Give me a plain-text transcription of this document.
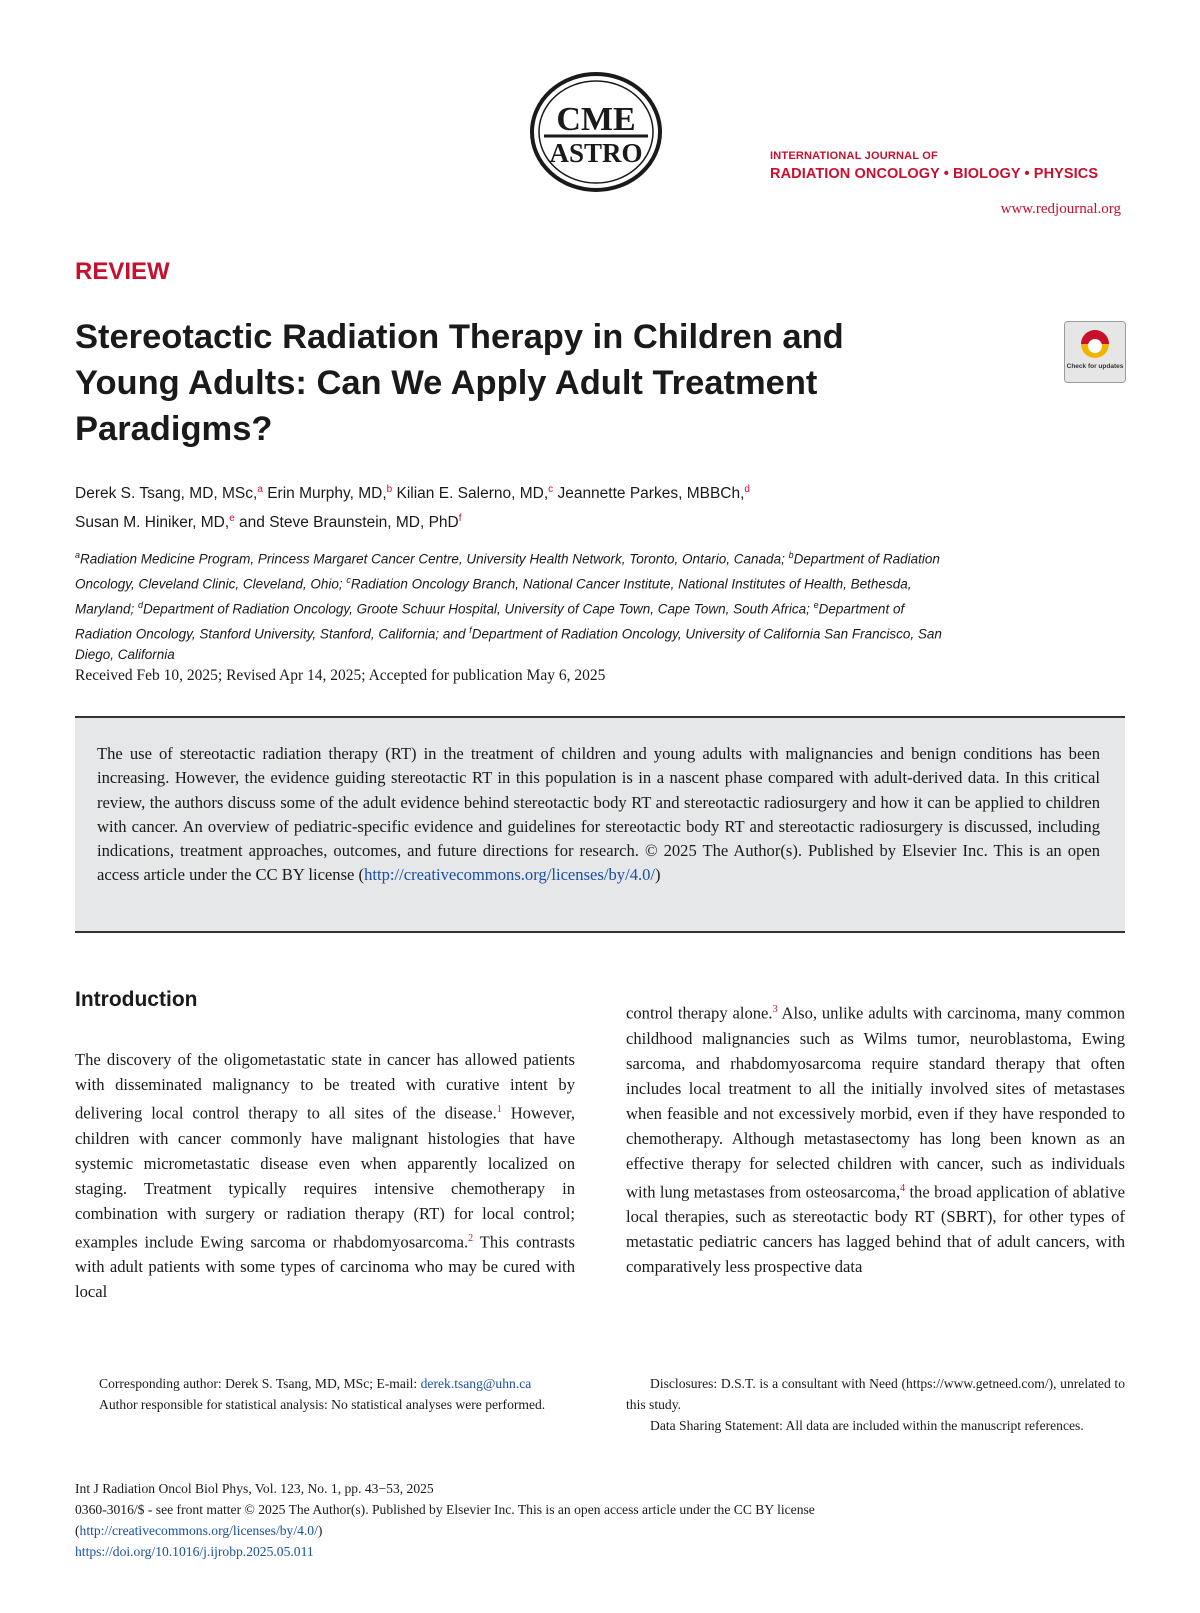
CME
ASTRO	INTERNATIONAL JOURNAL OF
RADIATION ONCOLOGY • BIOLOGY • PHYSICS
www.redjournal.org
REVIEW
Stereotactic Radiation Therapy in Children and Young Adults: Can We Apply Adult Treatment Paradigms?
Check for updates
Derek S. Tsang, MD, MSc,$^a$ Erin Murphy, MD,$^b$ Kilian E. Salerno, MD,$^c$ Jeannette Parkes, MBBCh,$^d$
Susan M. Hiniker, MD,$^e$ and Steve Braunstein, MD, PhD$^f$
$^a$Radiation Medicine Program, Princess Margaret Cancer Centre, University Health Network, Toronto, Ontario, Canada; $^b$Department of Radiation Oncology, Cleveland Clinic, Cleveland, Ohio; $^c$Radiation Oncology Branch, National Cancer Institute, National Institutes of Health, Bethesda, Maryland; $^d$Department of Radiation Oncology, Groote Schuur Hospital, University of Cape Town, Cape Town, South Africa; $^e$Department of Radiation Oncology, Stanford University, Stanford, California; and $^f$Department of Radiation Oncology, University of California San Francisco, San Diego, California
Received Feb 10, 2025; Revised Apr 14, 2025; Accepted for publication May 6, 2025
The use of stereotactic radiation therapy (RT) in the treatment of children and young adults with malignancies and benign conditions has been increasing. However, the evidence guiding stereotactic RT in this population is in a nascent phase compared with adult-derived data. In this critical review, the authors discuss some of the adult evidence behind stereotactic body RT and stereotactic radiosurgery and how it can be applied to children with cancer. An overview of pediatric-specific evidence and guidelines for stereotactic body RT and stereotactic radiosurgery is discussed, including indications, treatment approaches, outcomes, and future directions for research. © 2025 The Author(s). Published by Elsevier Inc. This is an open access article under the CC BY license (http://creativecommons.org/licenses/by/4.0/)
Introduction
The discovery of the oligometastatic state in cancer has allowed patients with disseminated malignancy to be treated with curative intent by delivering local control therapy to all sites of the disease.$^1$ However, children with cancer commonly have malignant histologies that have systemic micrometastatic disease even when apparently localized on staging. Treatment typically requires intensive chemotherapy in combination with surgery or radiation therapy (RT) for local control; examples include Ewing sarcoma or rhabdomyosarcoma.$^2$ This contrasts with adult patients with some types of carcinoma who may be cured with local
control therapy alone.$^3$ Also, unlike adults with carcinoma, many common childhood malignancies such as Wilms tumor, neuroblastoma, Ewing sarcoma, and rhabdomyosarcoma require standard therapy that often includes local treatment to all the initially involved sites of metastases when feasible and not excessively morbid, even if they have responded to chemotherapy. Although metastasectomy has long been known as an effective therapy for selected children with cancer, such as individuals with lung metastases from osteosarcoma,$^4$ the broad application of ablative local therapies, such as stereotactic body RT (SBRT), for other types of metastatic pediatric cancers has lagged behind that of adult cancers, with comparatively less prospective data

Corresponding author: Derek S. Tsang, MD, MSc; E-mail: derek.tsang@uhn.ca

Author responsible for statistical analysis: No statistical analyses were performed.

Disclosures: D.S.T. is a consultant with Need (https://www.getneed.com/), unrelated to this study.

Data Sharing Statement: All data are included within the manuscript references.

Int J Radiation Oncol Biol Phys, Vol. 123, No. 1, pp. 43−53, 2025
0360-3016/$ - see front matter © 2025 The Author(s). Published by Elsevier Inc. This is an open access article under the CC BY license
(http://creativecommons.org/licenses/by/4.0/)
https://doi.org/10.1016/j.ijrobp.2025.05.011
